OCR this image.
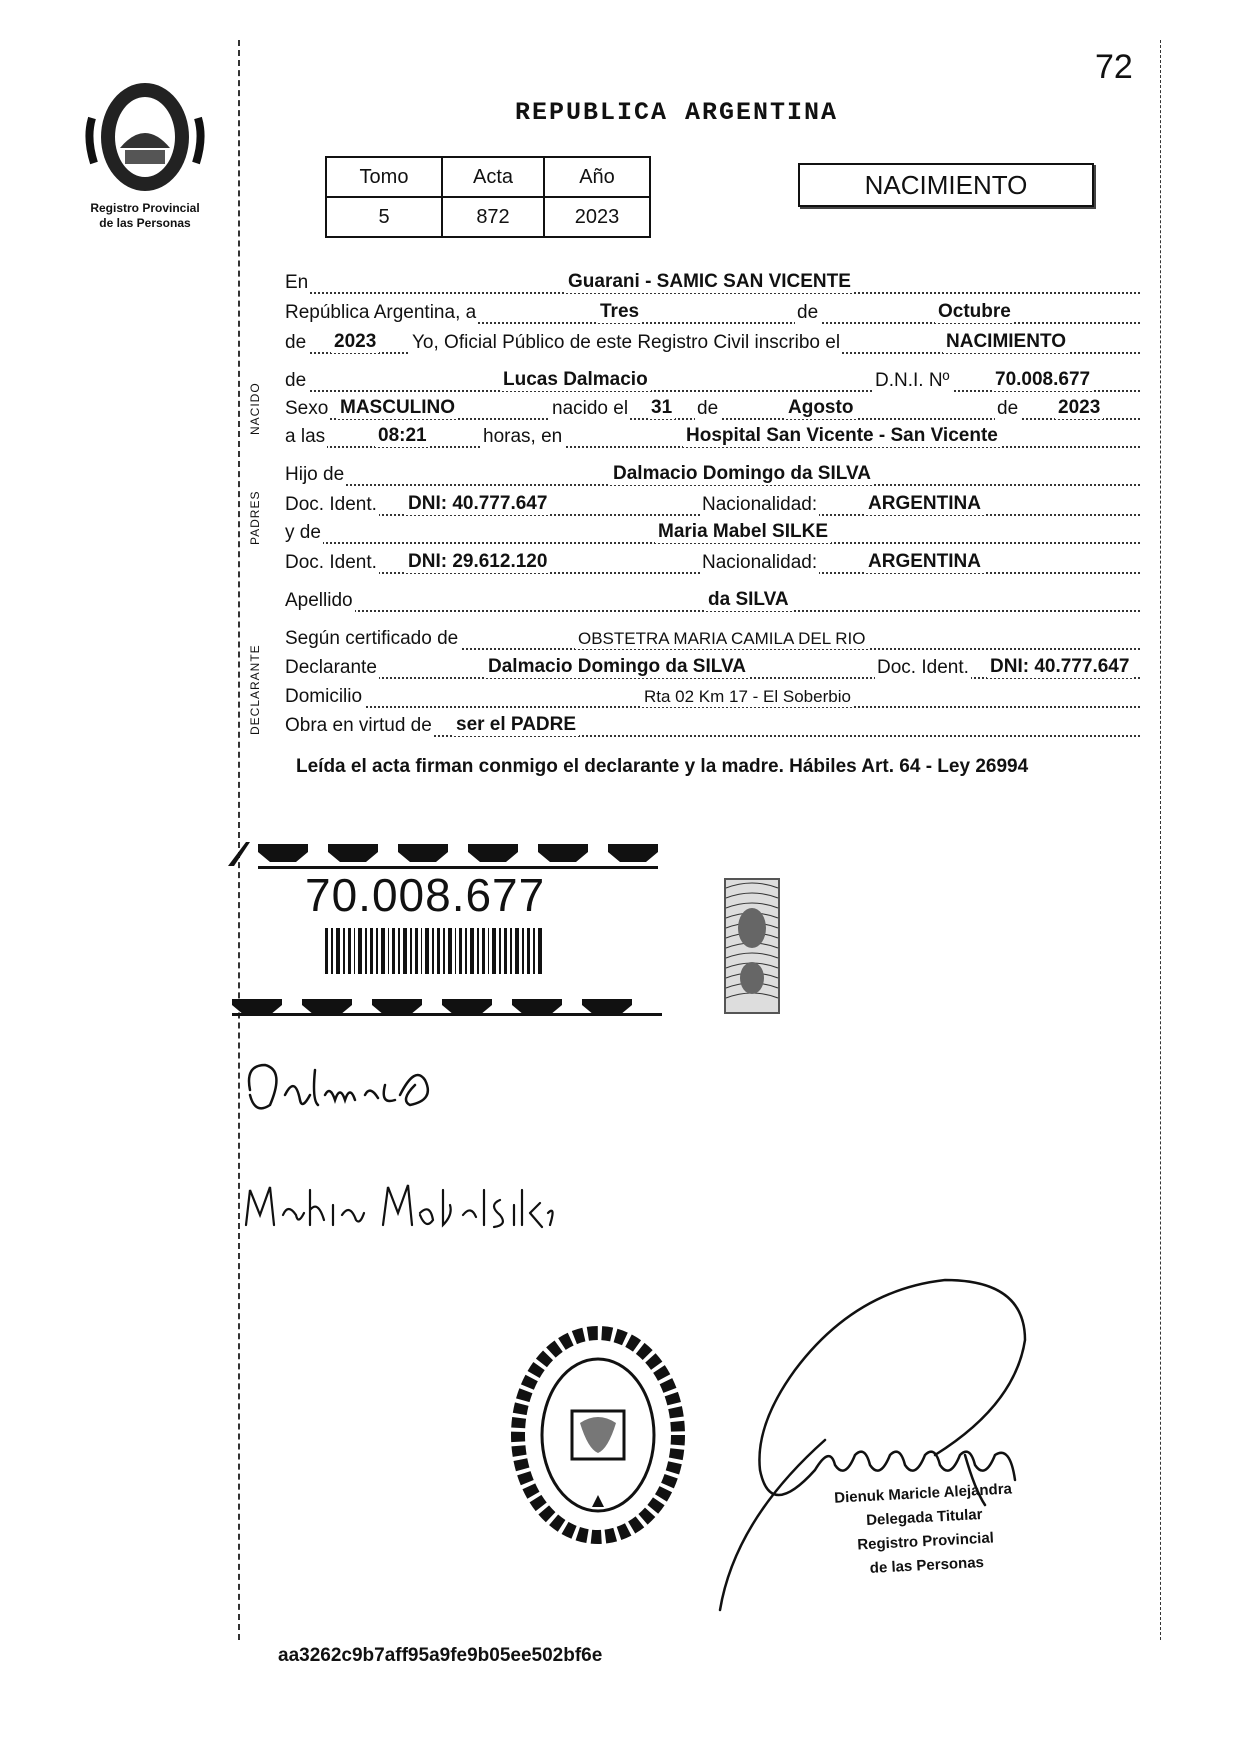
72
Registro Provincial
de las Personas
REPUBLICA ARGENTINA
Tomo	Acta	Año
5	872	2023
NACIMIENTO
NACIDO
PADRES
DECLARANTE
En	Guarani - SAMIC SAN VICENTE
República Argentina, a	Tres	de	Octubre
de 2023 Yo, Oficial Público de este Registro Civil inscribo el	NACIMIENTO
de	Lucas Dalmacio	D.N.I. Nº 70.008.677
Sexo MASCULINO	nacido el 31 de	Agosto	de 2023
a las	08:21	horas, en	Hospital San Vicente - San Vicente
Hijo de	Dalmacio Domingo da SILVA
Doc. Ident. DNI: 40.777.647	Nacionalidad:	ARGENTINA
y de	Maria Mabel SILKE
Doc. Ident. DNI: 29.612.120	Nacionalidad:	ARGENTINA
Apellido	da SILVA
Según certificado de	OBSTETRA MARIA CAMILA DEL RIO
Declarante	Dalmacio Domingo da SILVA	Doc. Ident. DNI: 40.777.647
Domicilio	Rta 02 Km 17 - El Soberbio
Obra en virtud de ser el PADRE
Leída el acta firman conmigo el declarante y la madre. Hábiles Art. 64 - Ley 26994
70.008.677
Dienuk Maricle Alejandra
Delegada Titular
Registro Provincial
de las Personas
aa3262c9b7aff95a9fe9b05ee502bf6e
